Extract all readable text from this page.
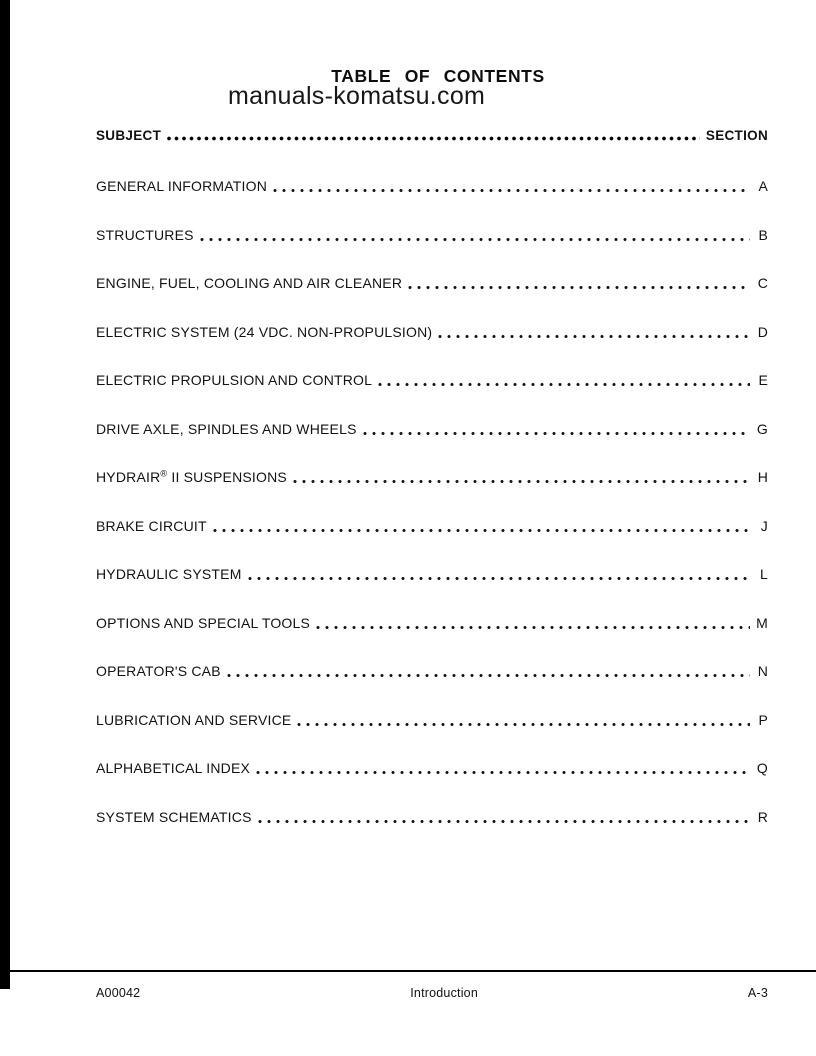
TABLE OF CONTENTS
manuals-komatsu.com
SUBJECT	SECTION
GENERAL INFORMATION	A
STRUCTURES	B
ENGINE, FUEL, COOLING AND AIR CLEANER	C
ELECTRIC SYSTEM (24 VDC. NON-PROPULSION)	D
ELECTRIC PROPULSION AND CONTROL	E
DRIVE AXLE, SPINDLES AND WHEELS	G
HYDRAIR® II SUSPENSIONS	H
BRAKE CIRCUIT	J
HYDRAULIC SYSTEM	L
OPTIONS AND SPECIAL TOOLS	M
OPERATOR'S CAB	N
LUBRICATION AND SERVICE	P
ALPHABETICAL INDEX	Q
SYSTEM SCHEMATICS	R
A00042	Introduction	A-3
